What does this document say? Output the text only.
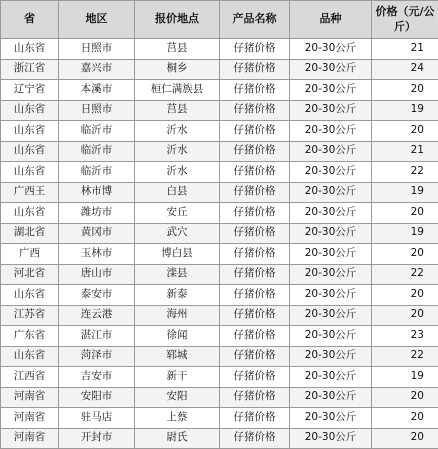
省	地区	报价地点	产品名称	品种	价格（元/公斤）
山东省	日照市	莒县	仔猪价格	20-30公斤	21
浙江省	嘉兴市	桐乡	仔猪价格	20-30公斤	24
辽宁省	本溪市	桓仁满族县	仔猪价格	20-30公斤	20
山东省	日照市	莒县	仔猪价格	20-30公斤	19
山东省	临沂市	沂水	仔猪价格	20-30公斤	20
山东省	临沂市	沂水	仔猪价格	20-30公斤	21
山东省	临沂市	沂水	仔猪价格	20-30公斤	22
广西王	林市博	白县	仔猪价格	20-30公斤	19
山东省	潍坊市	安丘	仔猪价格	20-30公斤	20
湖北省	黄冈市	武穴	仔猪价格	20-30公斤	19
广西	玉林市	博白县	仔猪价格	20-30公斤	20
河北省	唐山市	滦县	仔猪价格	20-30公斤	22
山东省	泰安市	新泰	仔猪价格	20-30公斤	20
江苏省	连云港	海州	仔猪价格	20-30公斤	20
广东省	湛江市	徐闻	仔猪价格	20-30公斤	23
山东省	菏泽市	郓城	仔猪价格	20-30公斤	22
江西省	吉安市	新干	仔猪价格	20-30公斤	19
河南省	安阳市	安阳	仔猪价格	20-30公斤	20
河南省	驻马店	上蔡	仔猪价格	20-30公斤	20
河南省	开封市	尉氏	仔猪价格	20-30公斤	20
